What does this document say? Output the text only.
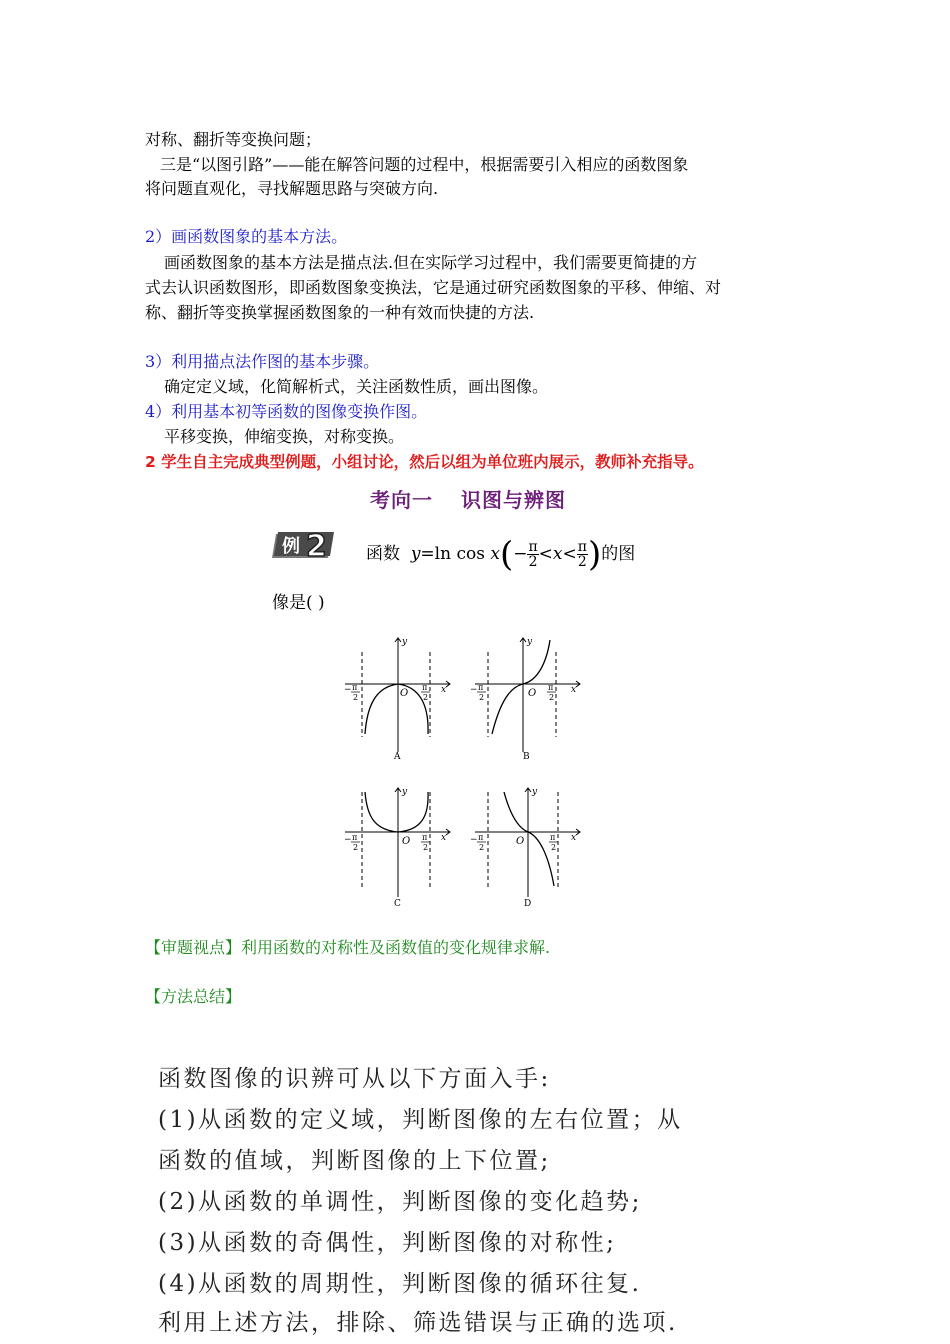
对称、翻折等变换问题；
三是“以图引路”——能在解答问题的过程中，根据需要引入相应的函数图象
将问题直观化，寻找解题思路与突破方向.
2）画函数图象的基本方法。
画函数图象的基本方法是描点法.但在实际学习过程中，我们需要更简捷的方
式去认识函数图形，即函数图象变换法，它是通过研究函数图象的平移、伸缩、对
称、翻折等变换掌握函数图象的一种有效而快捷的方法.
3）利用描点法作图的基本步骤。
确定定义域，化简解析式，关注函数性质，画出图像。
4）利用基本初等函数的图像变换作图。
平移变换，伸缩变换，对称变换。
2 学生自主完成典型例题，小组讨论，然后以组为单位班内展示，教师补充指导。
考向一 识图与辨图
例 2 函数 y=ln $\cos x(- \frac{\pi}{2} <x< \frac{\pi}{2}$ )的图
像是( )
y
x
O
− π
2
π
2
A
y
x
O
− π
2
π
2
B
y
x
O
− π
2
π
2
C
y
x
O
− π
2
π
2
D
【审题视点】利用函数的对称性及函数值的变化规律求解.
【方法总结】
函数图像的识辨可从以下方面入手:
(1)从函数的定义域，判断图像的左右位置；从
函数的值域，判断图像的上下位置;
(2)从函数的单调性，判断图像的变化趋势;
(3)从函数的奇偶性，判断图像的对称性;
(4)从函数的周期性，判断图像的循环往复.
利用上述方法，排除、筛选错误与正确的选项.
